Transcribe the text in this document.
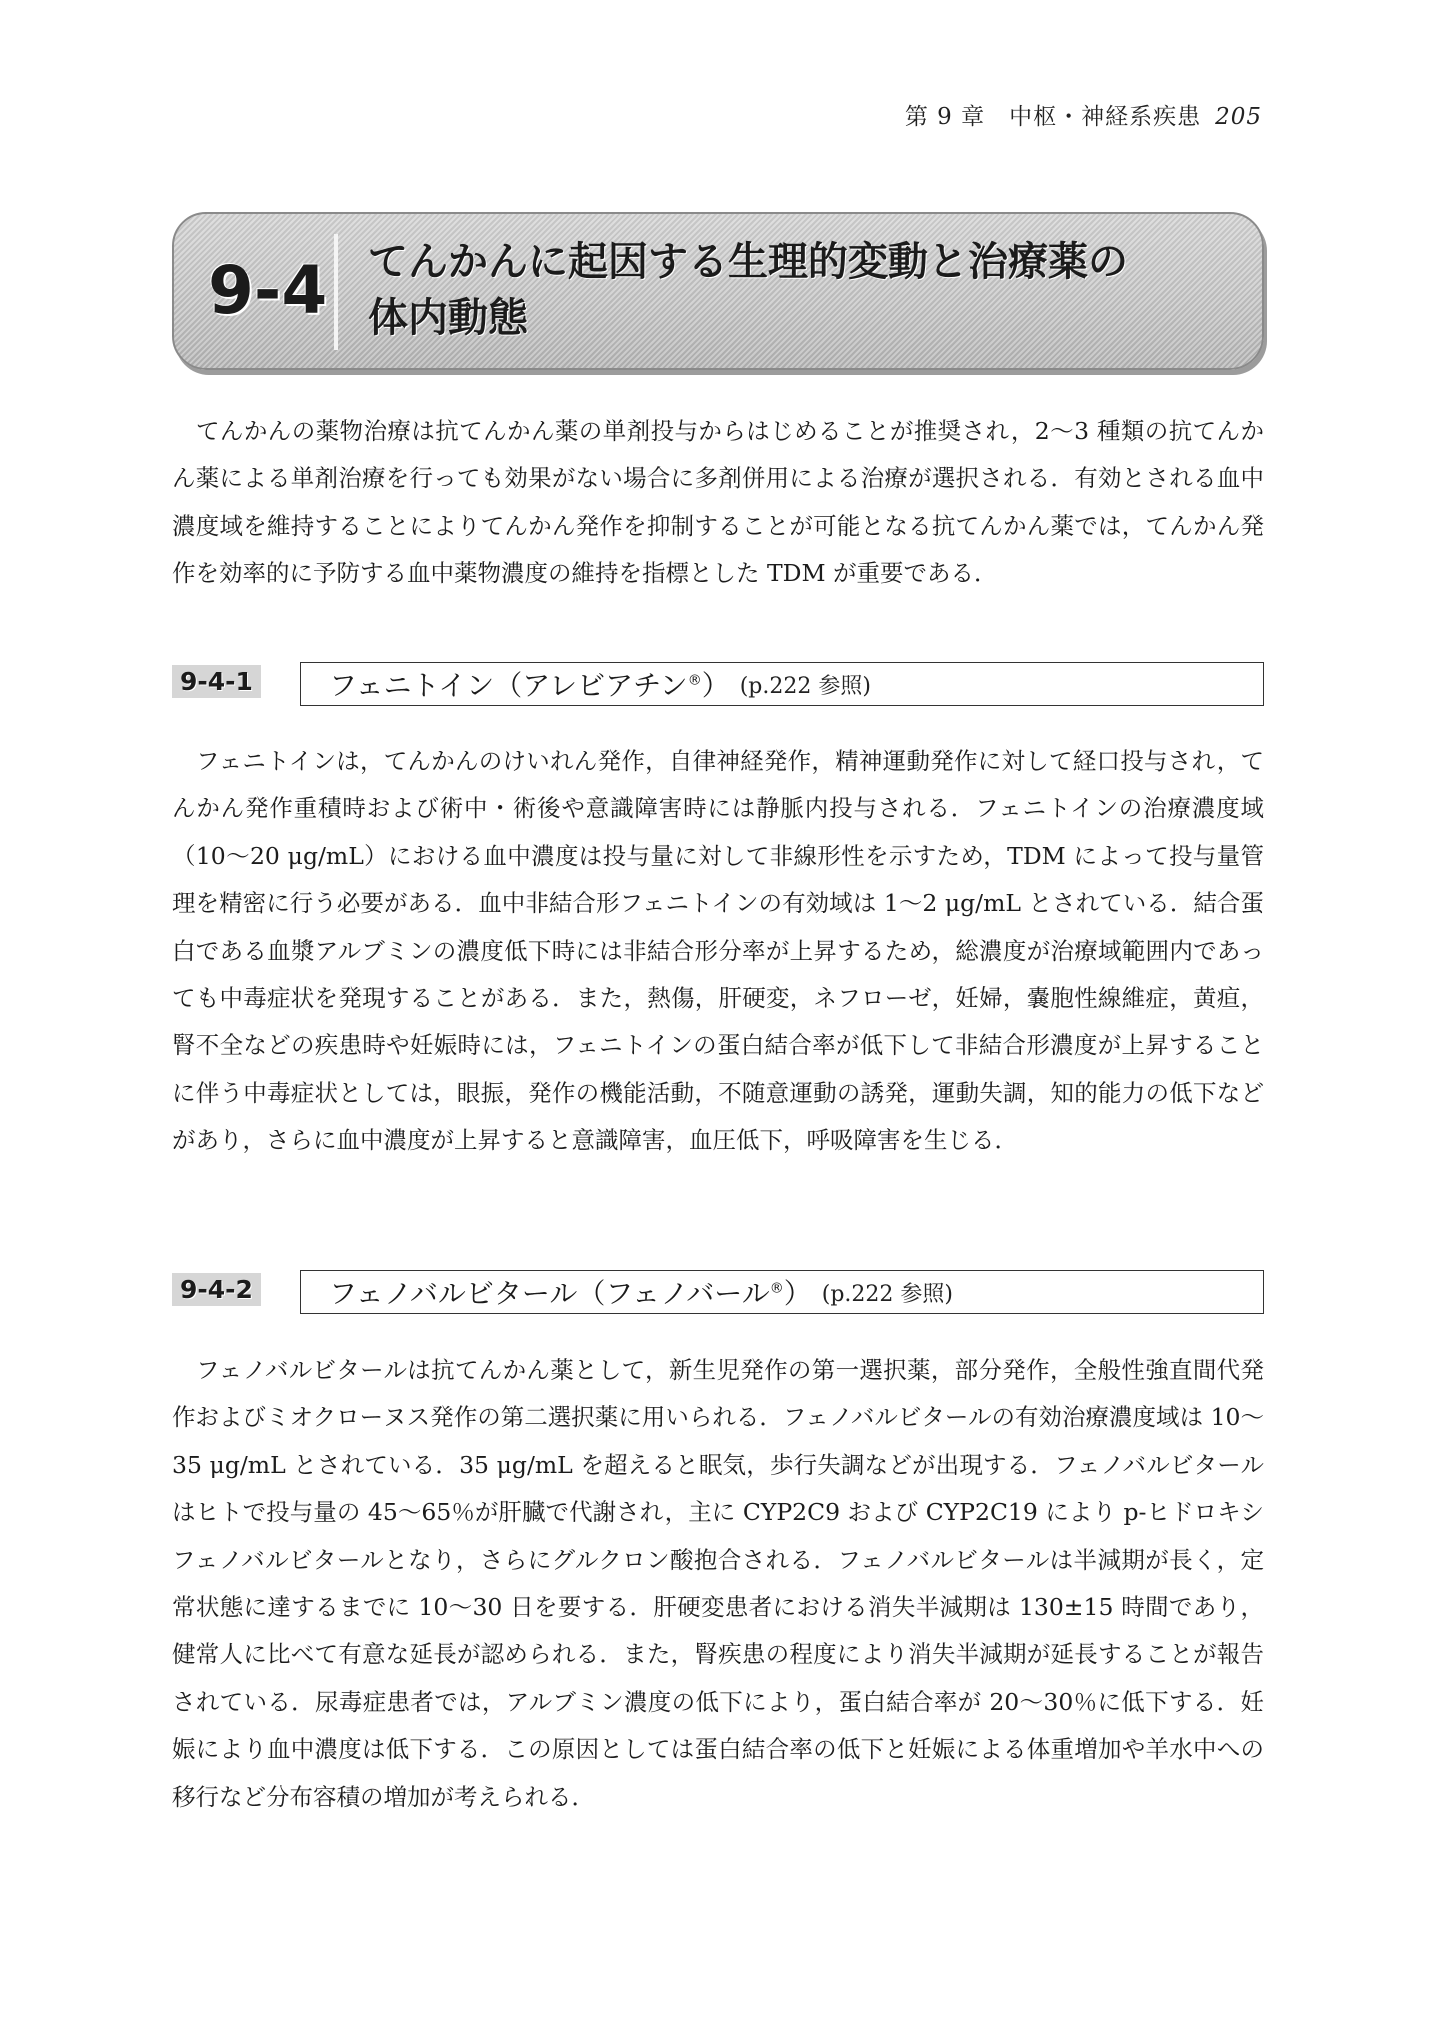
第 9 章　中枢・神経系疾患 205
9-4 てんかんに起因する生理的変動と治療薬の
体内動態

てんかんの薬物治療は抗てんかん薬の単剤投与からはじめることが推奨され，2〜3 種類の抗てんかん薬による単剤治療を行っても効果がない場合に多剤併用による治療が選択される．有効とされる血中濃度域を維持することによりてんかん発作を抑制することが可能となる抗てんかん薬では，てんかん発作を効率的に予防する血中薬物濃度の維持を指標とした TDM が重要である．

9-4-1	フェニトイン（アレビアチン®） (p.222 参照)

フェニトインは，てんかんのけいれん発作，自律神経発作，精神運動発作に対して経口投与され，てんかん発作重積時および術中・術後や意識障害時には静脈内投与される．フェニトインの治療濃度域（10〜20 μg/mL）における血中濃度は投与量に対して非線形性を示すため，TDM によって投与量管理を精密に行う必要がある．血中非結合形フェニトインの有効域は 1〜2 μg/mL とされている．結合蛋白である血漿アルブミンの濃度低下時には非結合形分率が上昇するため，総濃度が治療域範囲内であっても中毒症状を発現することがある．また，熱傷，肝硬変，ネフローゼ，妊婦，嚢胞性線維症，黄疸，腎不全などの疾患時や妊娠時には，フェニトインの蛋白結合率が低下して非結合形濃度が上昇することに伴う中毒症状としては，眼振，発作の機能活動，不随意運動の誘発，運動失調，知的能力の低下などがあり，さらに血中濃度が上昇すると意識障害，血圧低下，呼吸障害を生じる．

9-4-2	フェノバルビタール（フェノバール®） (p.222 参照)

フェノバルビタールは抗てんかん薬として，新生児発作の第一選択薬，部分発作，全般性強直間代発作およびミオクローヌス発作の第二選択薬に用いられる．フェノバルビタールの有効治療濃度域は 10〜35 μg/mL とされている．35 μg/mL を超えると眠気，歩行失調などが出現する．フェノバルビタールはヒトで投与量の 45〜65％が肝臓で代謝され，主に CYP2C9 および CYP2C19 により p-ヒドロキシフェノバルビタールとなり，さらにグルクロン酸抱合される．フェノバルビタールは半減期が長く，定常状態に達するまでに 10〜30 日を要する．肝硬変患者における消失半減期は 130±15 時間であり，健常人に比べて有意な延長が認められる．また，腎疾患の程度により消失半減期が延長することが報告されている．尿毒症患者では，アルブミン濃度の低下により，蛋白結合率が 20〜30％に低下する．妊娠により血中濃度は低下する．この原因としては蛋白結合率の低下と妊娠による体重増加や羊水中への移行など分布容積の増加が考えられる．
